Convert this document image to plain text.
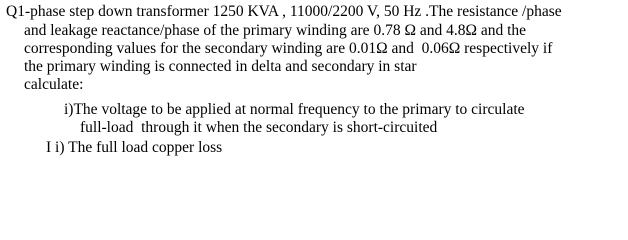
Q1-phase step down transformer 1250 KVA , 11000/2200 V, 50 Hz .The resistance /phase
and leakage reactance/phase of the primary winding are 0.78 Ω and 4.8Ω and the
corresponding values for the secondary winding are 0.01Ω and  0.06Ω respectively if
the primary winding is connected in delta and secondary in star
calculate:
i)The voltage to be applied at normal frequency to the primary to circulate
full-load  through it when the secondary is short-circuited
I i) The full load copper loss
